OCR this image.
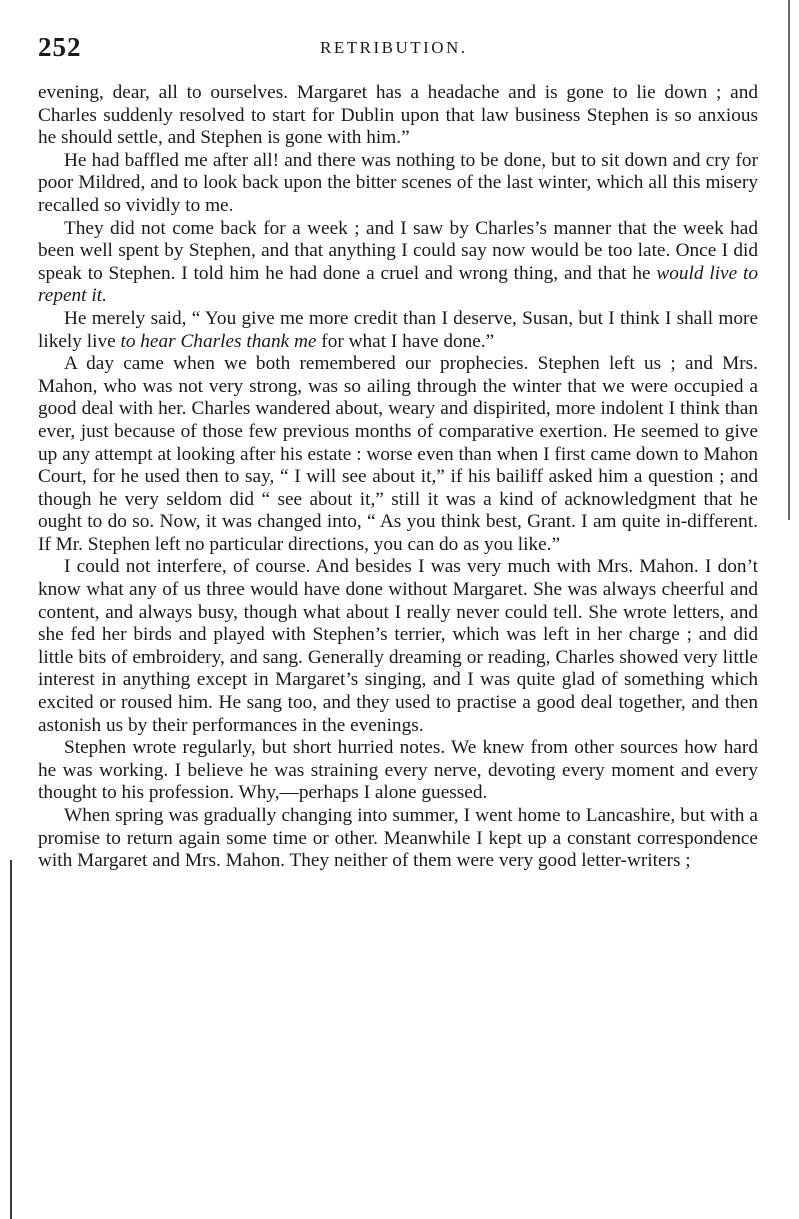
252	RETRIBUTION.

evening, dear, all to ourselves. Margaret has a headache and is gone to lie down ; and Charles suddenly resolved to start for Dublin upon that law business Stephen is so anxious he should settle, and Stephen is gone with him.”

He had baffled me after all! and there was nothing to be done, but to sit down and cry for poor Mildred, and to look back upon the bitter scenes of the last winter, which all this misery recalled so vividly to me.

They did not come back for a week ; and I saw by Charles’s manner that the week had been well spent by Stephen, and that anything I could say now would be too late. Once I did speak to Stephen. I told him he had done a cruel and wrong thing, and that he would live to repent it.

He merely said, “ You give me more credit than I deserve, Susan, but I think I shall more likely live to hear Charles thank me for what I have done.”

A day came when we both remembered our prophecies. Stephen left us ; and Mrs. Mahon, who was not very strong, was so ailing through the winter that we were occupied a good deal with her. Charles wandered about, weary and dispirited, more indolent I think than ever, just because of those few previous months of comparative exertion. He seemed to give up any attempt at looking after his estate : worse even than when I first came down to Mahon Court, for he used then to say, “ I will see about it,” if his bailiff asked him a question ; and though he very seldom did “ see about it,” still it was a kind of acknowledgment that he ought to do so. Now, it was changed into, “ As you think best, Grant. I am quite in-different. If Mr. Stephen left no particular directions, you can do as you like.”

I could not interfere, of course. And besides I was very much with Mrs. Mahon. I don’t know what any of us three would have done without Margaret. She was always cheerful and content, and always busy, though what about I really never could tell. She wrote letters, and she fed her birds and played with Stephen’s terrier, which was left in her charge ; and did little bits of embroidery, and sang. Generally dreaming or reading, Charles showed very little interest in anything except in Margaret’s singing, and I was quite glad of something which excited or roused him. He sang too, and they used to practise a good deal together, and then astonish us by their performances in the evenings.

Stephen wrote regularly, but short hurried notes. We knew from other sources how hard he was working. I believe he was straining every nerve, devoting every moment and every thought to his profession. Why,—perhaps I alone guessed.

When spring was gradually changing into summer, I went home to Lancashire, but with a promise to return again some time or other. Meanwhile I kept up a constant correspondence with Margaret and Mrs. Mahon. They neither of them were very good letter-writers ;
